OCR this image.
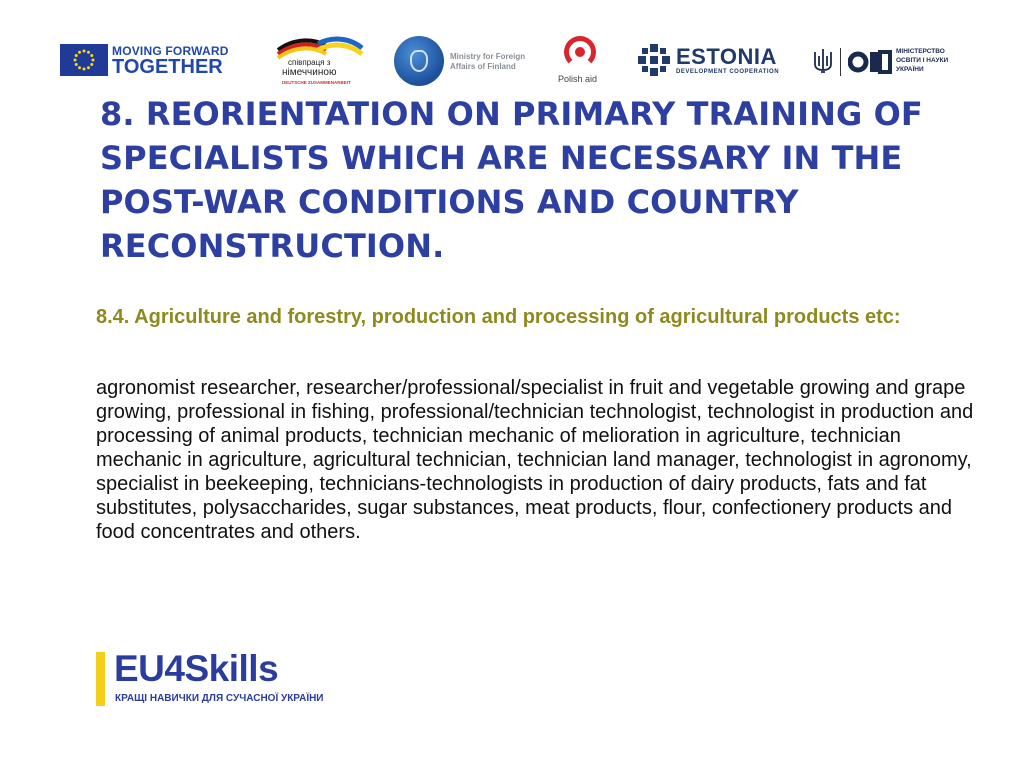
MOVING FORWARD
TOGETHER	співпраця з
німеччиною
DEUTSCHE ZUSAMMENARBEIT
Ministry for Foreign
Affairs of Finland
Polish aid
ESTONIA
DEVELOPMENT COOPERATION
МІНІСТЕРСТВО
ОСВІТИ І НАУКИ
УКРАЇНИ
8. REORIENTATION ON PRIMARY TRAINING OF SPECIALISTS WHICH ARE NECESSARY IN THE POST-WAR CONDITIONS AND COUNTRY RECONSTRUCTION.

8.4. Agriculture and forestry, production and processing of agricultural products etc:

agronomist researcher, researcher/professional/specialist in fruit and vegetable growing and grape growing, professional in fishing, professional/technician technologist, technologist in production and processing of animal products, technician mechanic of melioration in agriculture, technician mechanic in agriculture, agricultural technician, technician land manager, technologist in agronomy, specialist in beekeeping, technicians-technologists in production of dairy products, fats and fat substitutes, polysaccharides, sugar substances, meat products, flour, confectionery products and food concentrates and others.

EU4Skills
КРАЩІ НАВИЧКИ ДЛЯ СУЧАСНОЇ УКРАЇНИ
